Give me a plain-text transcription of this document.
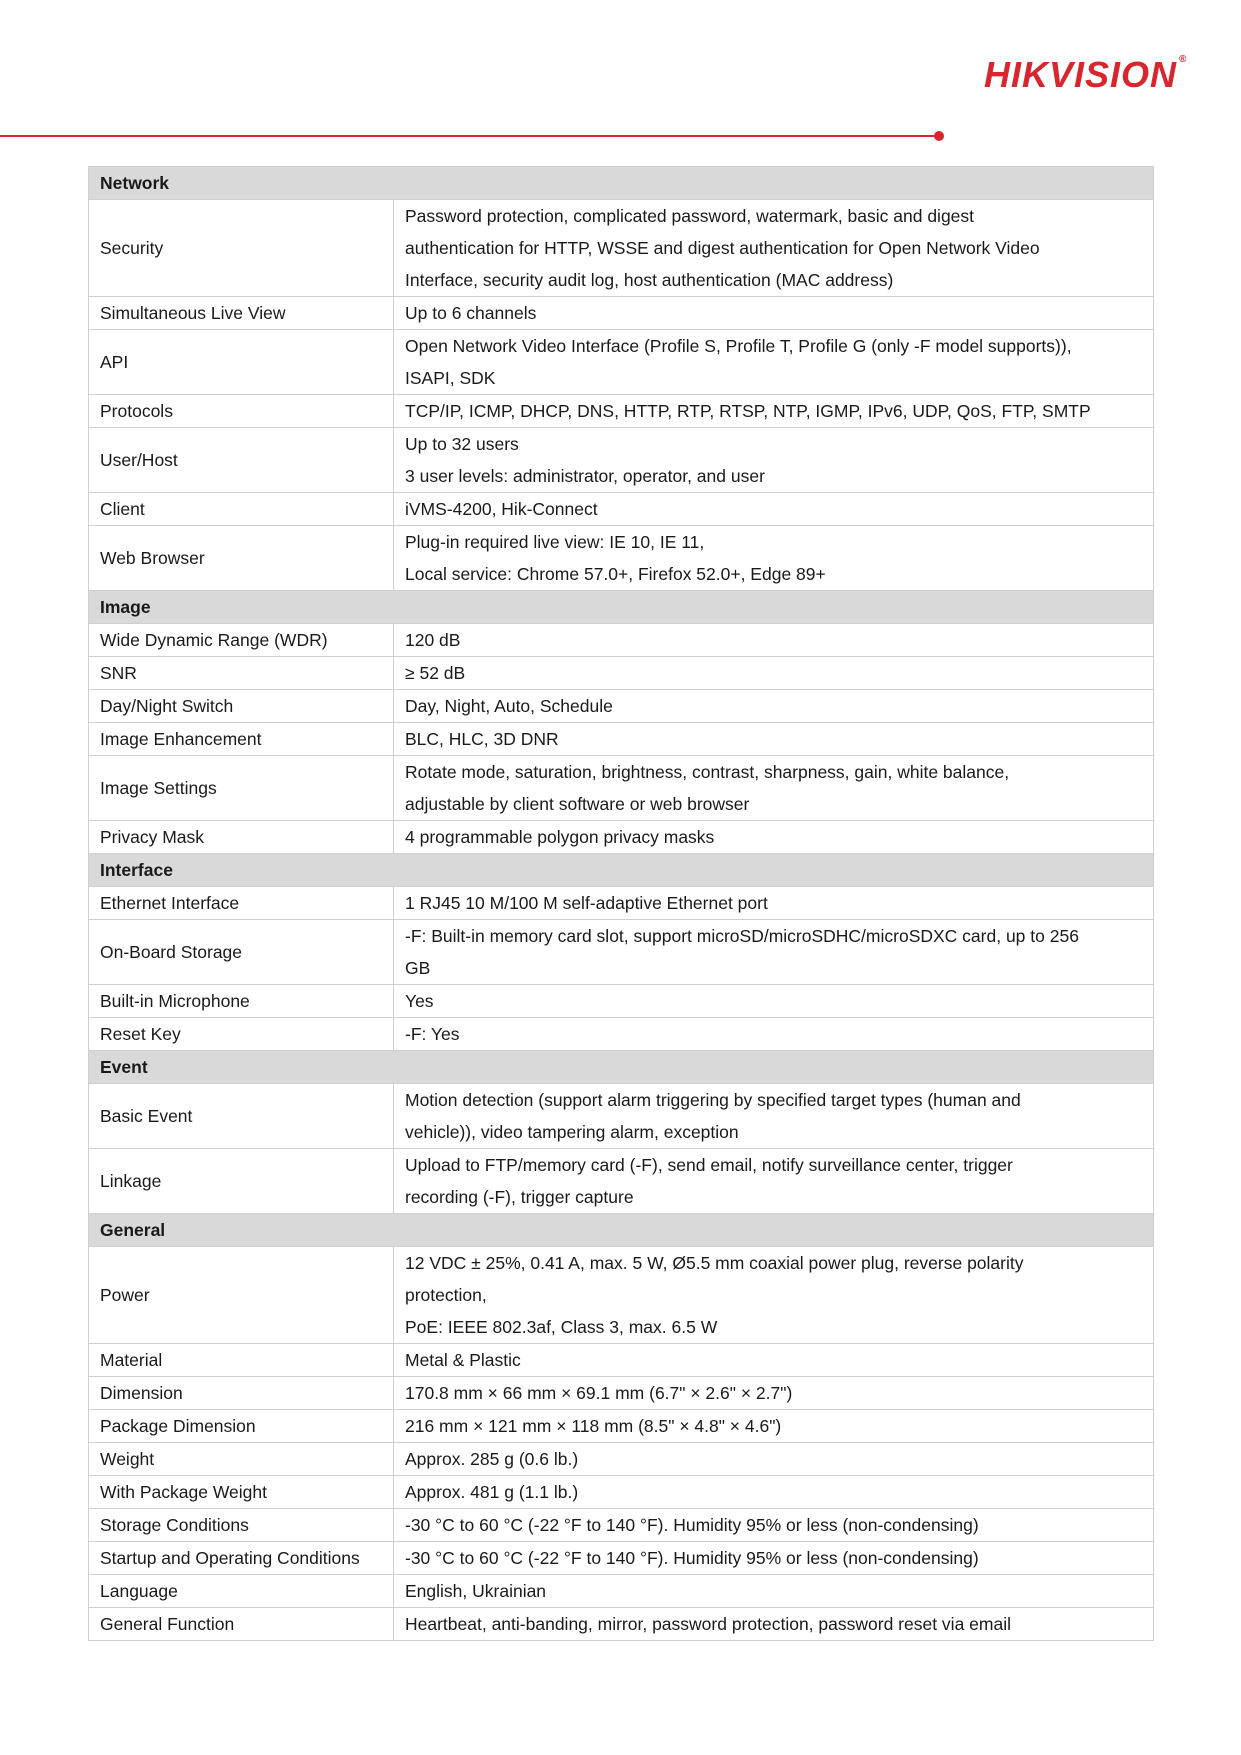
HIKVISION ®
Network	
Security	Password protection, complicated password, watermark, basic and digest
authentication for HTTP, WSSE and digest authentication for Open Network Video
Interface, security audit log, host authentication (MAC address)

Simultaneous Live View	Up to 6 channels

API	Open Network Video Interface (Profile S, Profile T, Profile G (only -F model supports)),
ISAPI, SDK

Protocols	TCP/IP, ICMP, DHCP, DNS, HTTP, RTP, RTSP, NTP, IGMP, IPv6, UDP, QoS, FTP, SMTP

User/Host	Up to 32 users
3 user levels: administrator, operator, and user

Client	iVMS-4200, Hik-Connect

Web Browser	Plug-in required live view: IE 10, IE 11,
Local service: Chrome 57.0+, Firefox 52.0+, Edge 89+

Image	
Wide Dynamic Range (WDR)	120 dB

SNR	≥ 52 dB

Day/Night Switch	Day, Night, Auto, Schedule

Image Enhancement	BLC, HLC, 3D DNR

Image Settings	Rotate mode, saturation, brightness, contrast, sharpness, gain, white balance,
adjustable by client software or web browser

Privacy Mask	4 programmable polygon privacy masks

Interface	
Ethernet Interface	1 RJ45 10 M/100 M self-adaptive Ethernet port

On-Board Storage	-F: Built-in memory card slot, support microSD/microSDHC/microSDXC card, up to 256
GB

Built-in Microphone	Yes

Reset Key	-F: Yes

Event	
Basic Event	Motion detection (support alarm triggering by specified target types (human and
vehicle)), video tampering alarm, exception

Linkage	Upload to FTP/memory card (-F), send email, notify surveillance center, trigger
recording (-F), trigger capture

General	
Power	12 VDC ± 25%, 0.41 A, max. 5 W, Ø5.5 mm coaxial power plug, reverse polarity
protection,
PoE: IEEE 802.3af, Class 3, max. 6.5 W

Material	Metal & Plastic

Dimension	170.8 mm × 66 mm × 69.1 mm (6.7" × 2.6" × 2.7")

Package Dimension	216 mm × 121 mm × 118 mm (8.5" × 4.8" × 4.6")

Weight	Approx. 285 g (0.6 lb.)

With Package Weight	Approx. 481 g (1.1 lb.)

Storage Conditions	-30 °C to 60 °C (-22 °F to 140 °F). Humidity 95% or less (non-condensing)

Startup and Operating Conditions	-30 °C to 60 °C (-22 °F to 140 °F). Humidity 95% or less (non-condensing)

Language	English, Ukrainian

General Function	Heartbeat, anti-banding, mirror, password protection, password reset via email
